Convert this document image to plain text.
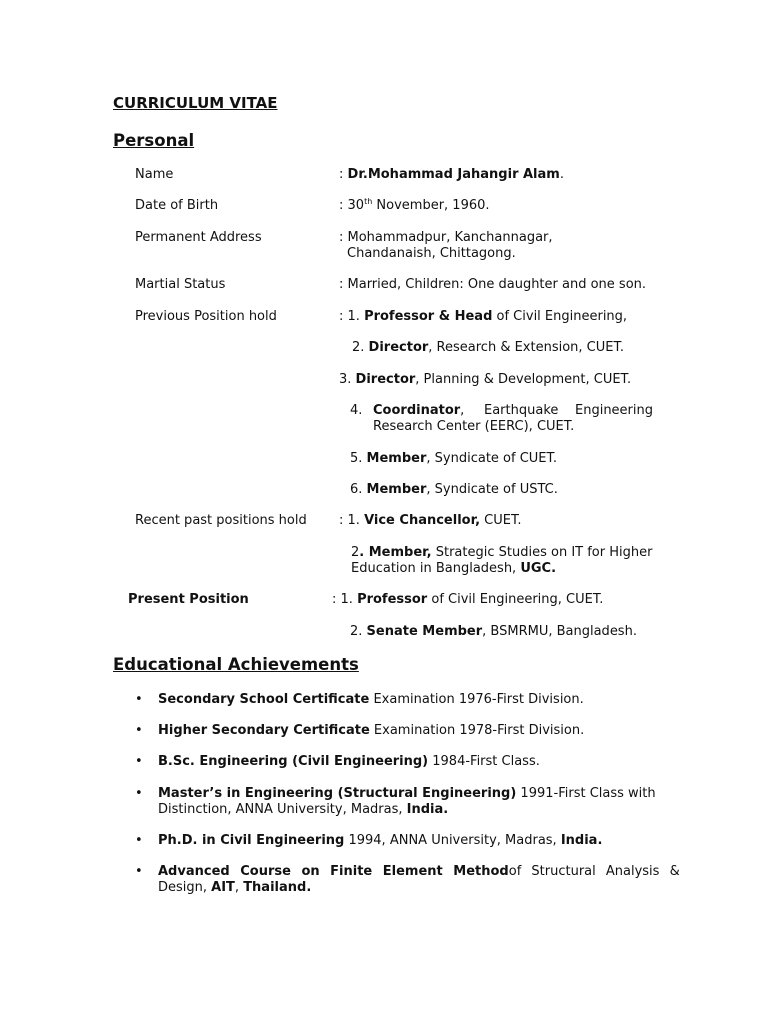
CURRICULUM VITAE
Personal
Name	: Dr.Mohammad Jahangir Alam.
Date of Birth	: 30th November, 1960.
Permanent Address	: Mohammadpur, Kanchannagar,
Chandanaish, Chittagong.
Martial Status	: Married, Children: One daughter and one son.
Previous Position hold	: 1. Professor & Head of Civil Engineering,
2. Director, Research & Extension, CUET.
3. Director, Planning & Development, CUET.
4. Coordinator, Earthquake Engineering
Research Center (EERC), CUET.
5. Member, Syndicate of CUET.
6. Member, Syndicate of USTC.
Recent past positions hold : 1. Vice Chancellor, CUET.
2. Member, Strategic Studies on IT for Higher
Education in Bangladesh, UGC.
Present Position	: 1. Professor of Civil Engineering, CUET.
2. Senate Member, BSMRMU, Bangladesh.
Educational Achievements
• Secondary School Certificate Examination 1976-First Division.
• Higher Secondary Certificate Examination 1978-First Division.
• B.Sc. Engineering (Civil Engineering) 1984-First Class.
• Master’s in Engineering (Structural Engineering) 1991-First Class with
Distinction, ANNA University, Madras, India.
• Ph.D. in Civil Engineering 1994, ANNA University, Madras, India.
• Advanced Course on Finite Element Method of Structural Analysis &
Design, AIT, Thailand.
